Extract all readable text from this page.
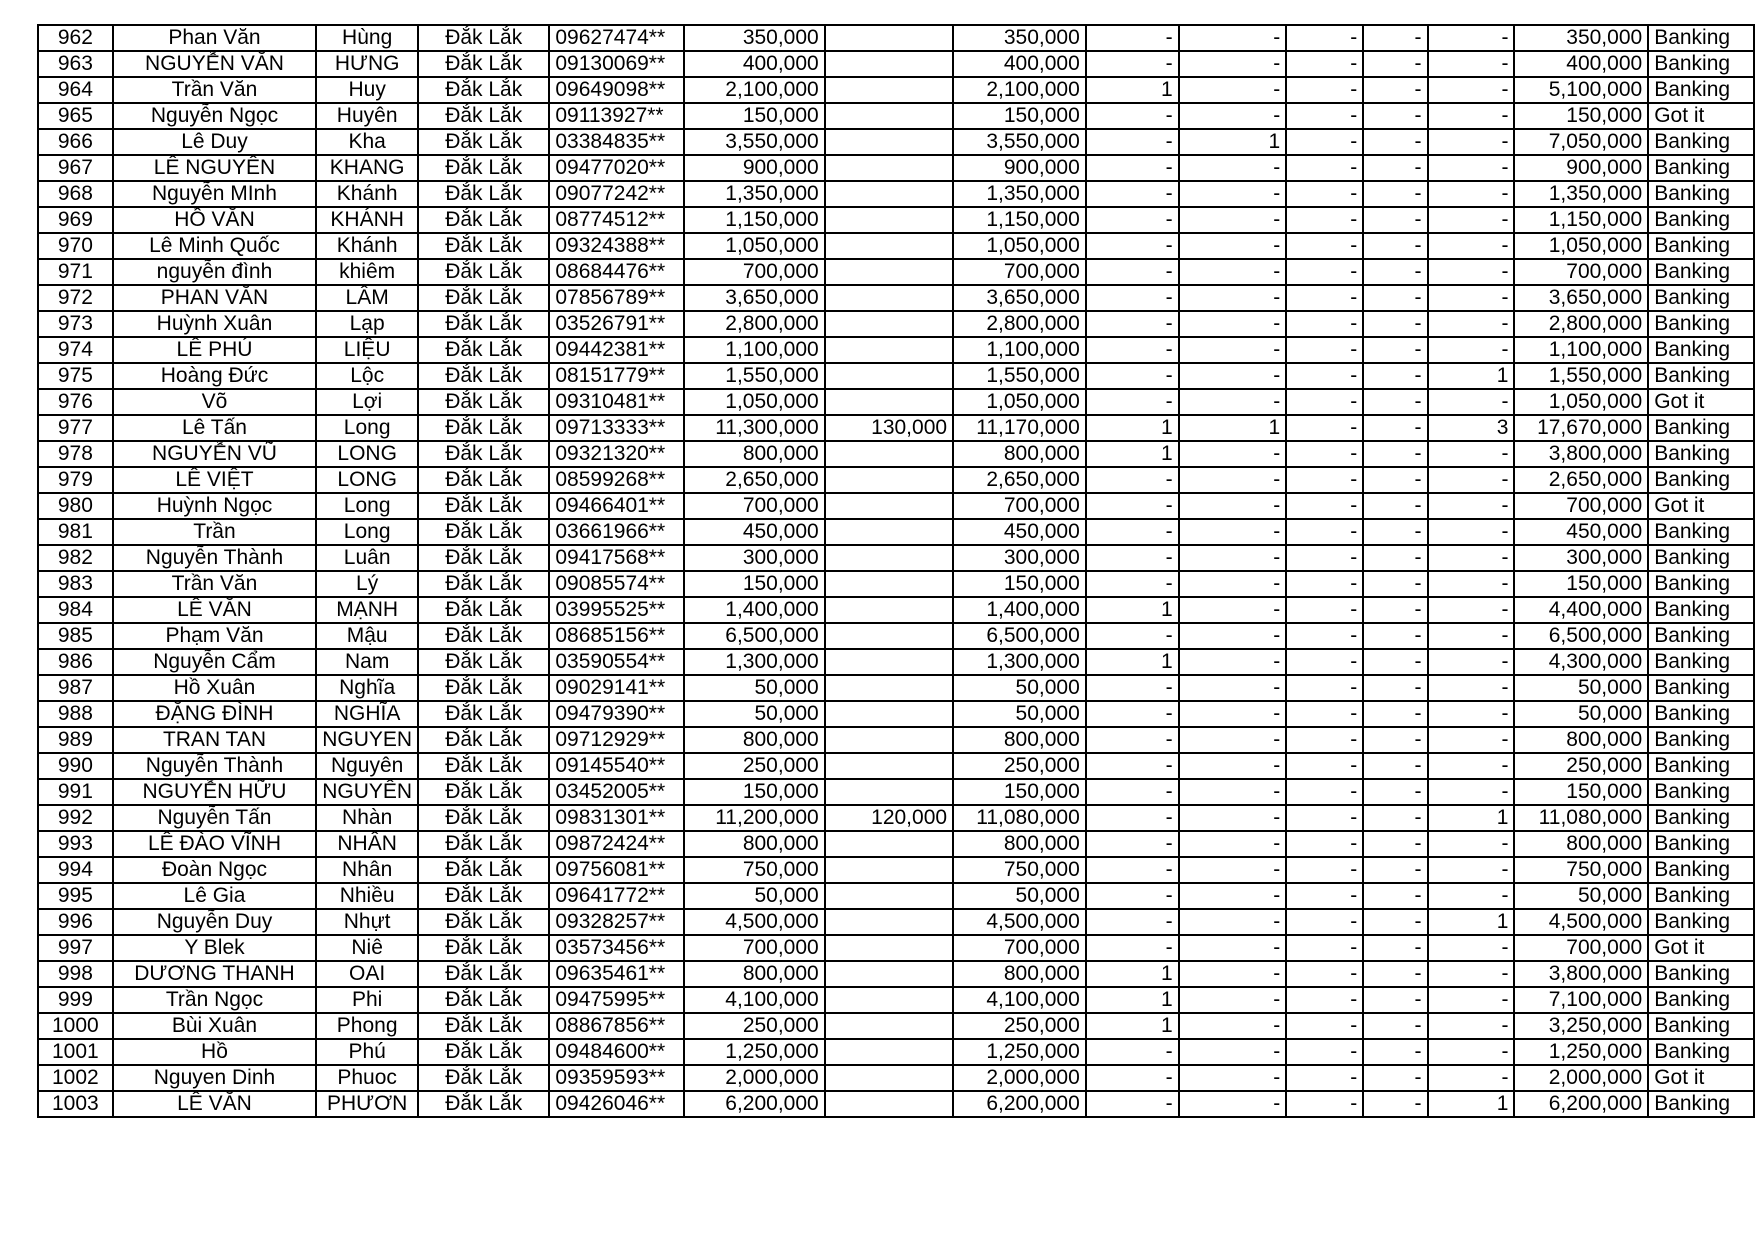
962	Phan Văn	Hùng	Đắk Lắk	09627474**	350,000		350,000	-	-	-	-	-	350,000	Banking
963	NGUYỄN VĂN	HƯNG	Đắk Lắk	09130069**	400,000		400,000	-	-	-	-	-	400,000	Banking
964	Trần Văn	Huy	Đắk Lắk	09649098**	2,100,000		2,100,000	1	-	-	-	-	5,100,000	Banking
965	Nguyễn Ngọc	Huyên	Đắk Lắk	09113927**	150,000		150,000	-	-	-	-	-	150,000	Got it
966	Lê Duy	Kha	Đắk Lắk	03384835**	3,550,000		3,550,000	-	1	-	-	-	7,050,000	Banking
967	LÊ NGUYÊN	KHANG	Đắk Lắk	09477020**	900,000		900,000	-	-	-	-	-	900,000	Banking
968	Nguyễn MInh	Khánh	Đắk Lắk	09077242**	1,350,000		1,350,000	-	-	-	-	-	1,350,000	Banking
969	HỒ VĂN	KHÁNH	Đắk Lắk	08774512**	1,150,000		1,150,000	-	-	-	-	-	1,150,000	Banking
970	Lê Minh Quốc	Khánh	Đắk Lắk	09324388**	1,050,000		1,050,000	-	-	-	-	-	1,050,000	Banking
971	nguyễn đình	khiêm	Đắk Lắk	08684476**	700,000		700,000	-	-	-	-	-	700,000	Banking
972	PHAN VĂN	LÂM	Đắk Lắk	07856789**	3,650,000		3,650,000	-	-	-	-	-	3,650,000	Banking
973	Huỳnh Xuân	Lạp	Đắk Lắk	03526791**	2,800,000		2,800,000	-	-	-	-	-	2,800,000	Banking
974	LÊ PHÚ	LIỆU	Đắk Lắk	09442381**	1,100,000		1,100,000	-	-	-	-	-	1,100,000	Banking
975	Hoàng Đức	Lộc	Đắk Lắk	08151779**	1,550,000		1,550,000	-	-	-	-	1	1,550,000	Banking
976	Võ	Lợi	Đắk Lắk	09310481**	1,050,000		1,050,000	-	-	-	-	-	1,050,000	Got it
977	Lê Tấn	Long	Đắk Lắk	09713333**	11,300,000	130,000	11,170,000	1	1	-	-	3	17,670,000	Banking
978	NGUYỄN VŨ	LONG	Đắk Lắk	09321320**	800,000		800,000	1	-	-	-	-	3,800,000	Banking
979	LÊ VIỆT	LONG	Đắk Lắk	08599268**	2,650,000		2,650,000	-	-	-	-	-	2,650,000	Banking
980	Huỳnh Ngọc	Long	Đắk Lắk	09466401**	700,000		700,000	-	-	-	-	-	700,000	Got it
981	Trần	Long	Đắk Lắk	03661966**	450,000		450,000	-	-	-	-	-	450,000	Banking
982	Nguyễn Thành	Luân	Đắk Lắk	09417568**	300,000		300,000	-	-	-	-	-	300,000	Banking
983	Trần Văn	Lý	Đắk Lắk	09085574**	150,000		150,000	-	-	-	-	-	150,000	Banking
984	LÊ VĂN	MẠNH	Đắk Lắk	03995525**	1,400,000		1,400,000	1	-	-	-	-	4,400,000	Banking
985	Phạm Văn	Mậu	Đắk Lắk	08685156**	6,500,000		6,500,000	-	-	-	-	-	6,500,000	Banking
986	Nguyễn Cẩm	Nam	Đắk Lắk	03590554**	1,300,000		1,300,000	1	-	-	-	-	4,300,000	Banking
987	Hồ Xuân	Nghĩa	Đắk Lắk	09029141**	50,000		50,000	-	-	-	-	-	50,000	Banking
988	ĐẶNG ĐÌNH	NGHĨA	Đắk Lắk	09479390**	50,000		50,000	-	-	-	-	-	50,000	Banking
989	TRAN TAN	NGUYEN	Đắk Lắk	09712929**	800,000		800,000	-	-	-	-	-	800,000	Banking
990	Nguyễn Thành	Nguyên	Đắk Lắk	09145540**	250,000		250,000	-	-	-	-	-	250,000	Banking
991	NGUYỄN HỮU	NGUYÊN	Đắk Lắk	03452005**	150,000		150,000	-	-	-	-	-	150,000	Banking
992	Nguyễn Tấn	Nhàn	Đắk Lắk	09831301**	11,200,000	120,000	11,080,000	-	-	-	-	1	11,080,000	Banking
993	LÊ ĐÀO VĨNH	NHÂN	Đắk Lắk	09872424**	800,000		800,000	-	-	-	-	-	800,000	Banking
994	Đoàn Ngọc	Nhân	Đắk Lắk	09756081**	750,000		750,000	-	-	-	-	-	750,000	Banking
995	Lê Gia	Nhiều	Đắk Lắk	09641772**	50,000		50,000	-	-	-	-	-	50,000	Banking
996	Nguyễn Duy	Nhựt	Đắk Lắk	09328257**	4,500,000		4,500,000	-	-	-	-	1	4,500,000	Banking
997	Y Blek	Niê	Đắk Lắk	03573456**	700,000		700,000	-	-	-	-	-	700,000	Got it
998	DƯƠNG THANH	OAI	Đắk Lắk	09635461**	800,000		800,000	1	-	-	-	-	3,800,000	Banking
999	Trần Ngọc	Phi	Đắk Lắk	09475995**	4,100,000		4,100,000	1	-	-	-	-	7,100,000	Banking
1000	Bùi Xuân	Phong	Đắk Lắk	08867856**	250,000		250,000	1	-	-	-	-	3,250,000	Banking
1001	Hồ	Phú	Đắk Lắk	09484600**	1,250,000		1,250,000	-	-	-	-	-	1,250,000	Banking
1002	Nguyen Dinh	Phuoc	Đắk Lắk	09359593**	2,000,000		2,000,000	-	-	-	-	-	2,000,000	Got it
1003	LÊ VĂN	PHƯƠN	Đắk Lắk	09426046**	6,200,000		6,200,000	-	-	-	-	1	6,200,000	Banking
